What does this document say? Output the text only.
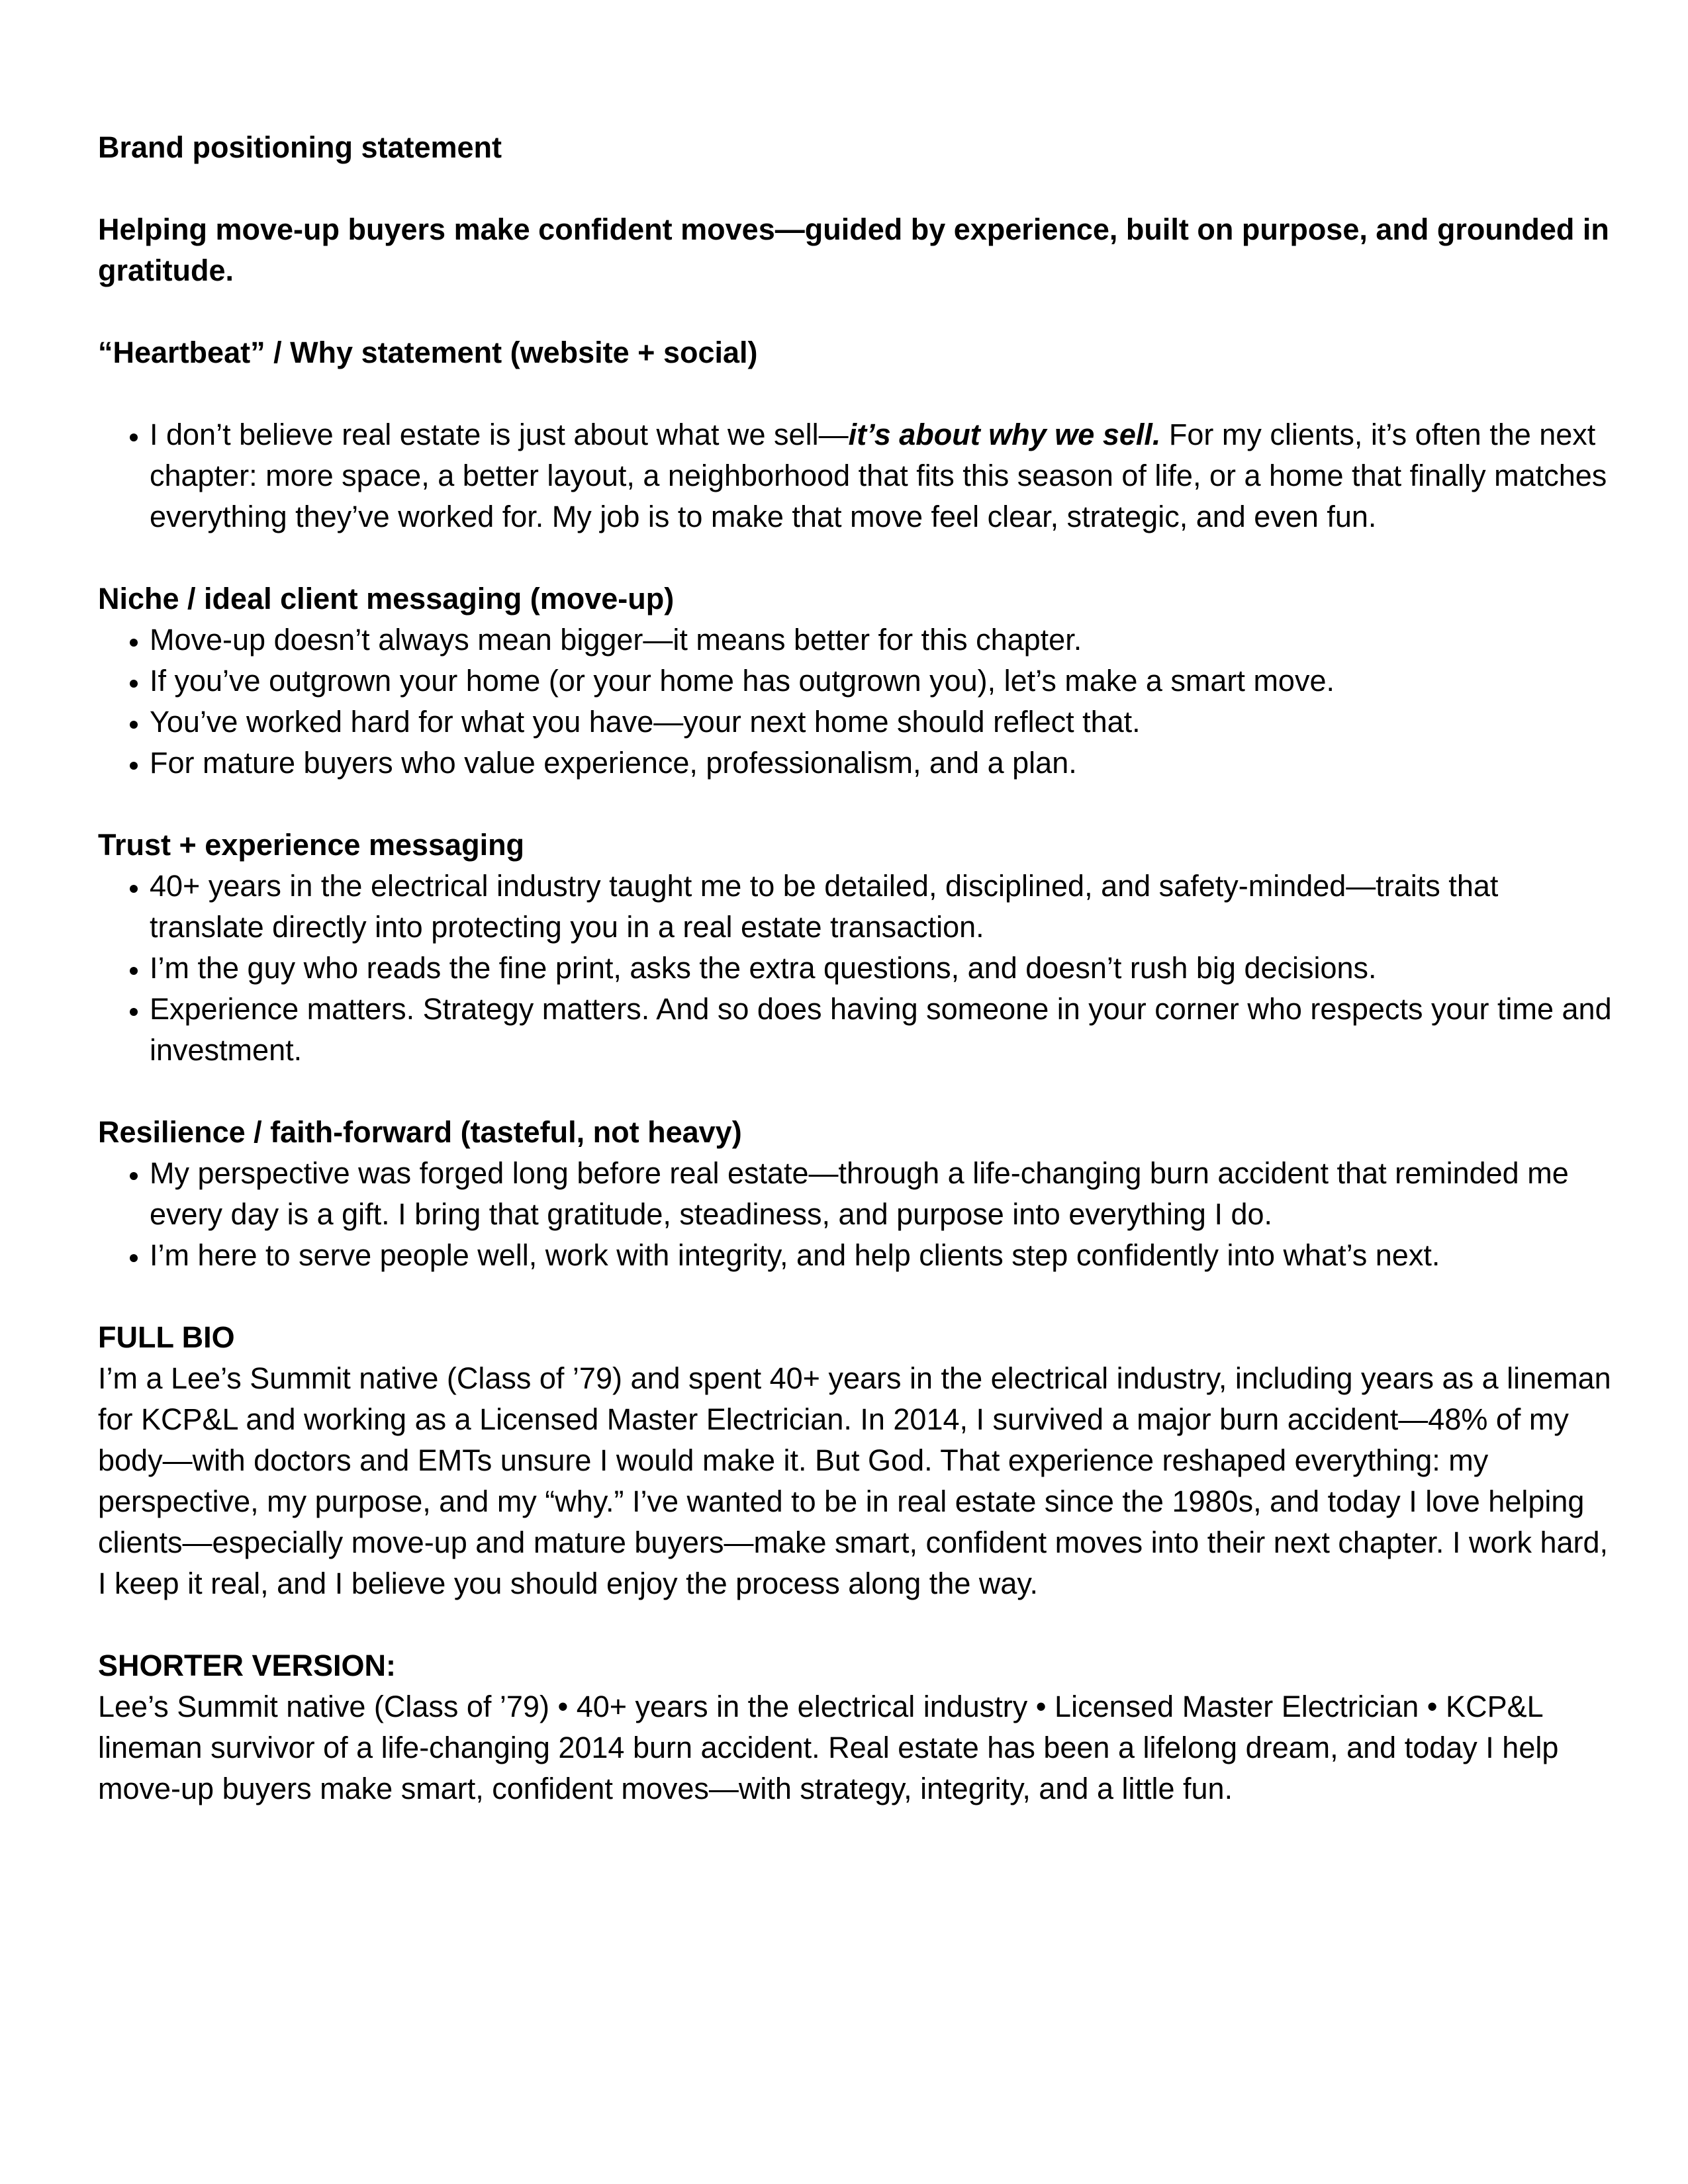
Brand positioning statement

Helping move-up buyers make confident moves—guided by experience, built on purpose, and grounded in gratitude.

“Heartbeat” / Why statement (website + social)

• I don’t believe real estate is just about what we sell—it’s about why we sell. For my clients, it’s often the next chapter: more space, a better layout, a neighborhood that fits this season of life, or a home that finally matches everything they’ve worked for. My job is to make that move feel clear, strategic, and even fun.

Niche / ideal client messaging (move-up)

• Move-up doesn’t always mean bigger—it means better for this chapter.
• If you’ve outgrown your home (or your home has outgrown you), let’s make a smart move.
• You’ve worked hard for what you have—your next home should reflect that.
• For mature buyers who value experience, professionalism, and a plan.

Trust + experience messaging

• 40+ years in the electrical industry taught me to be detailed, disciplined, and safety-minded—traits that translate directly into protecting you in a real estate transaction.
• I’m the guy who reads the fine print, asks the extra questions, and doesn’t rush big decisions.
• Experience matters. Strategy matters. And so does having someone in your corner who respects your time and investment.

Resilience / faith-forward (tasteful, not heavy)

• My perspective was forged long before real estate—through a life-changing burn accident that reminded me every day is a gift. I bring that gratitude, steadiness, and purpose into everything I do.
• I’m here to serve people well, work with integrity, and help clients step confidently into what’s next.

FULL BIO

I’m a Lee’s Summit native (Class of ’79) and spent 40+ years in the electrical industry, including years as a lineman for KCP&L and working as a Licensed Master Electrician. In 2014, I survived a major burn accident—48% of my body—with doctors and EMTs unsure I would make it. But God. That experience reshaped everything: my perspective, my purpose, and my “why.” I’ve wanted to be in real estate since the 1980s, and today I love helping clients—especially move-up and mature buyers—make smart, confident moves into their next chapter. I work hard, I keep it real, and I believe you should enjoy the process along the way.

SHORTER VERSION:

Lee’s Summit native (Class of ’79) • 40+ years in the electrical industry • Licensed Master Electrician • KCP&L lineman survivor of a life-changing 2014 burn accident. Real estate has been a lifelong dream, and today I help move-up buyers make smart, confident moves—with strategy, integrity, and a little fun.
